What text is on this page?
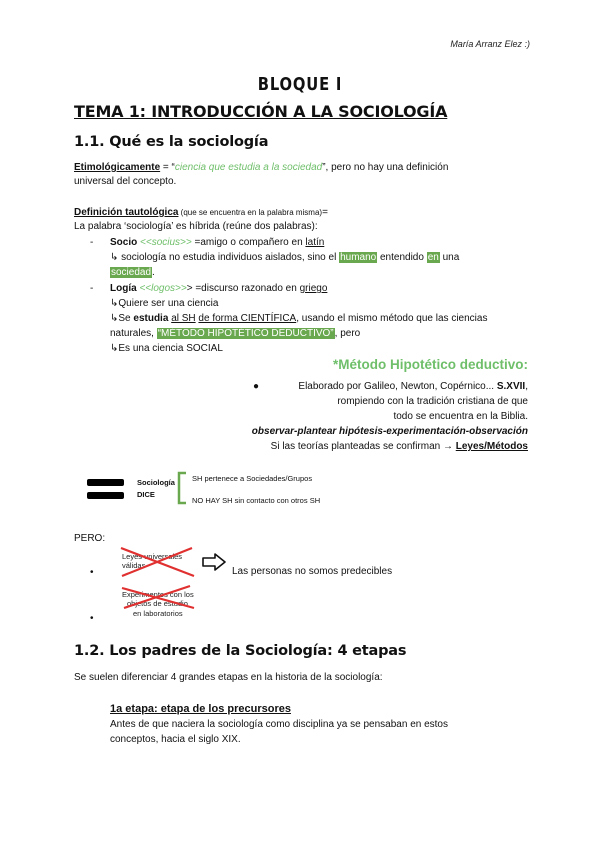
María Arranz Elez :)
BLOQUE I
TEMA 1: INTRODUCCIÓN A LA SOCIOLOGÍA
1.1. Qué es la sociología
Etimológicamente = “ciencia que estudia a la sociedad”, pero no hay una definición
universal del concepto.
Definición tautológica (que se encuentra en la palabra misma)=
La palabra ‘sociología’ es híbrida (reúne dos palabras):
- Socio <<socius>> =amigo o compañero en latín
↳ sociología no estudia individuos aislados, sino el humano entendido en una
sociedad.
- Logía <<logos>>> =discurso razonado en griego
↳Quiere ser una ciencia
↳Se estudia al SH de forma CIENTÍFICA, usando el mismo método que las ciencias
naturales, “MÉTODO HIPOTÉTICO DEDUCTIVO”, pero
↳Es una ciencia SOCIAL
*Método Hipotético deductivo:
●	Elaborado por Galileo, Newton, Copérnico... S.XVII,
rompiendo con la tradición cristiana de que
todo se encuentra en la Biblia.
observar-plantear hipótesis-experimentación-observación
Si las teorías planteadas se confirman → Leyes/Métodos
Sociología
DICE
SH pertenece a Sociedades/Grupos
NO HAY SH sin contacto con otros SH
PERO:
•
Leyes universales
válidas
Las personas no somos predecibles
Experimentos con los
objetos de estudio
en laboratorios
•
1.2. Los padres de la Sociología: 4 etapas
Se suelen diferenciar 4 grandes etapas en la historia de la sociología:
1a etapa: etapa de los precursores
Antes de que naciera la sociología como disciplina ya se pensaban en estos
conceptos, hacia el siglo XIX.
